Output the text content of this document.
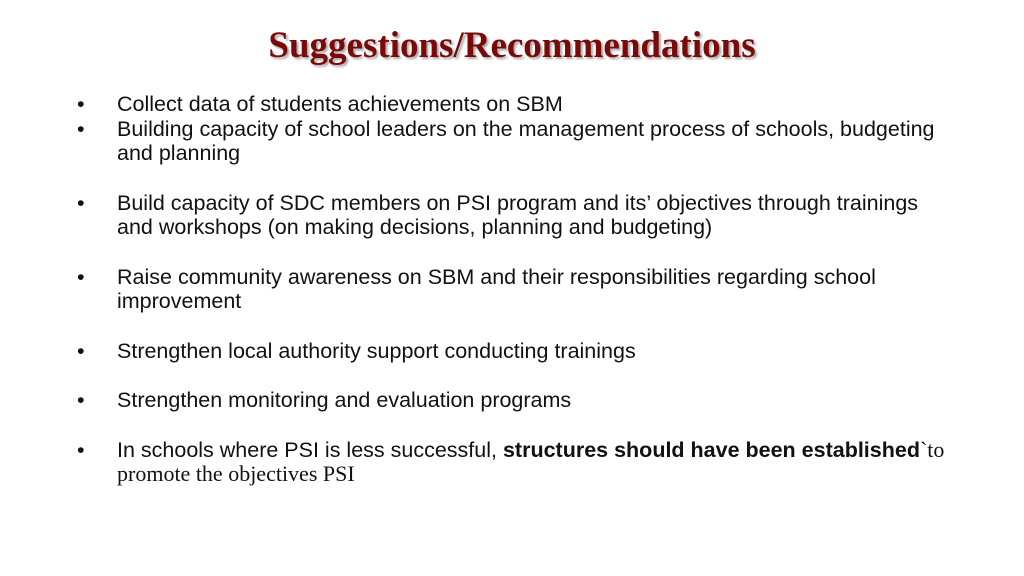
Suggestions/Recommendations
• Collect data of students achievements on SBM
• Building capacity of school leaders on the management process of schools, budgeting and planning
• Build capacity of SDC members on PSI program and its’ objectives through trainings and workshops (on making decisions, planning and budgeting)
• Raise community awareness on SBM and their responsibilities regarding school improvement
• Strengthen local authority support conducting trainings
• Strengthen monitoring and evaluation programs
• In schools where PSI is less successful, structures should have been established`to promote the objectives PSI
